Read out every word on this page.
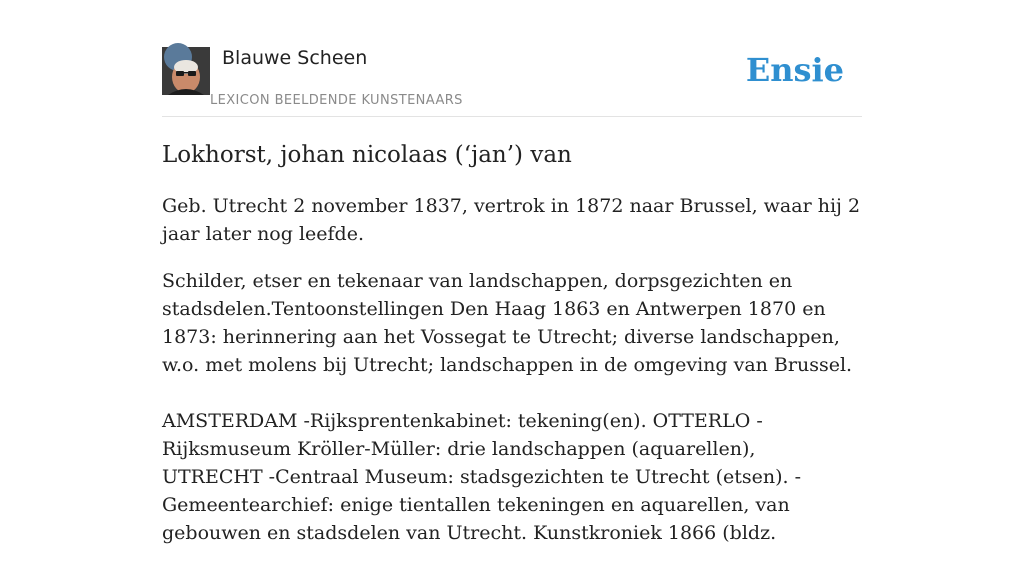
Blauwe Scheen
LEXICON BEELDENDE KUNSTENAARS
Ensie
Lokhorst, johan nicolaas (‘jan’) van

Geb. Utrecht 2 november 1837, vertrok in 1872 naar Brussel, waar hij 2 jaar later nog leefde.

Schilder, etser en tekenaar van landschappen, dorpsgezichten en stadsdelen.Tentoonstellingen Den Haag 1863 en Antwerpen 1870 en 1873: herinnering aan het Vossegat te Utrecht; diverse landschappen, w.o. met molens bij Utrecht; landschappen in de omgeving van Brussel.

AMSTERDAM -Rijksprentenkabinet: tekening(en). OTTERLO -Rijksmuseum Kröller-Müller: drie landschappen (aquarellen), UTRECHT -Centraal Museum: stadsgezichten te Utrecht (etsen). -Gemeentearchief: enige tientallen tekeningen en aquarellen, van gebouwen en stadsdelen van Utrecht. Kunstkroniek 1866 (bldz.
